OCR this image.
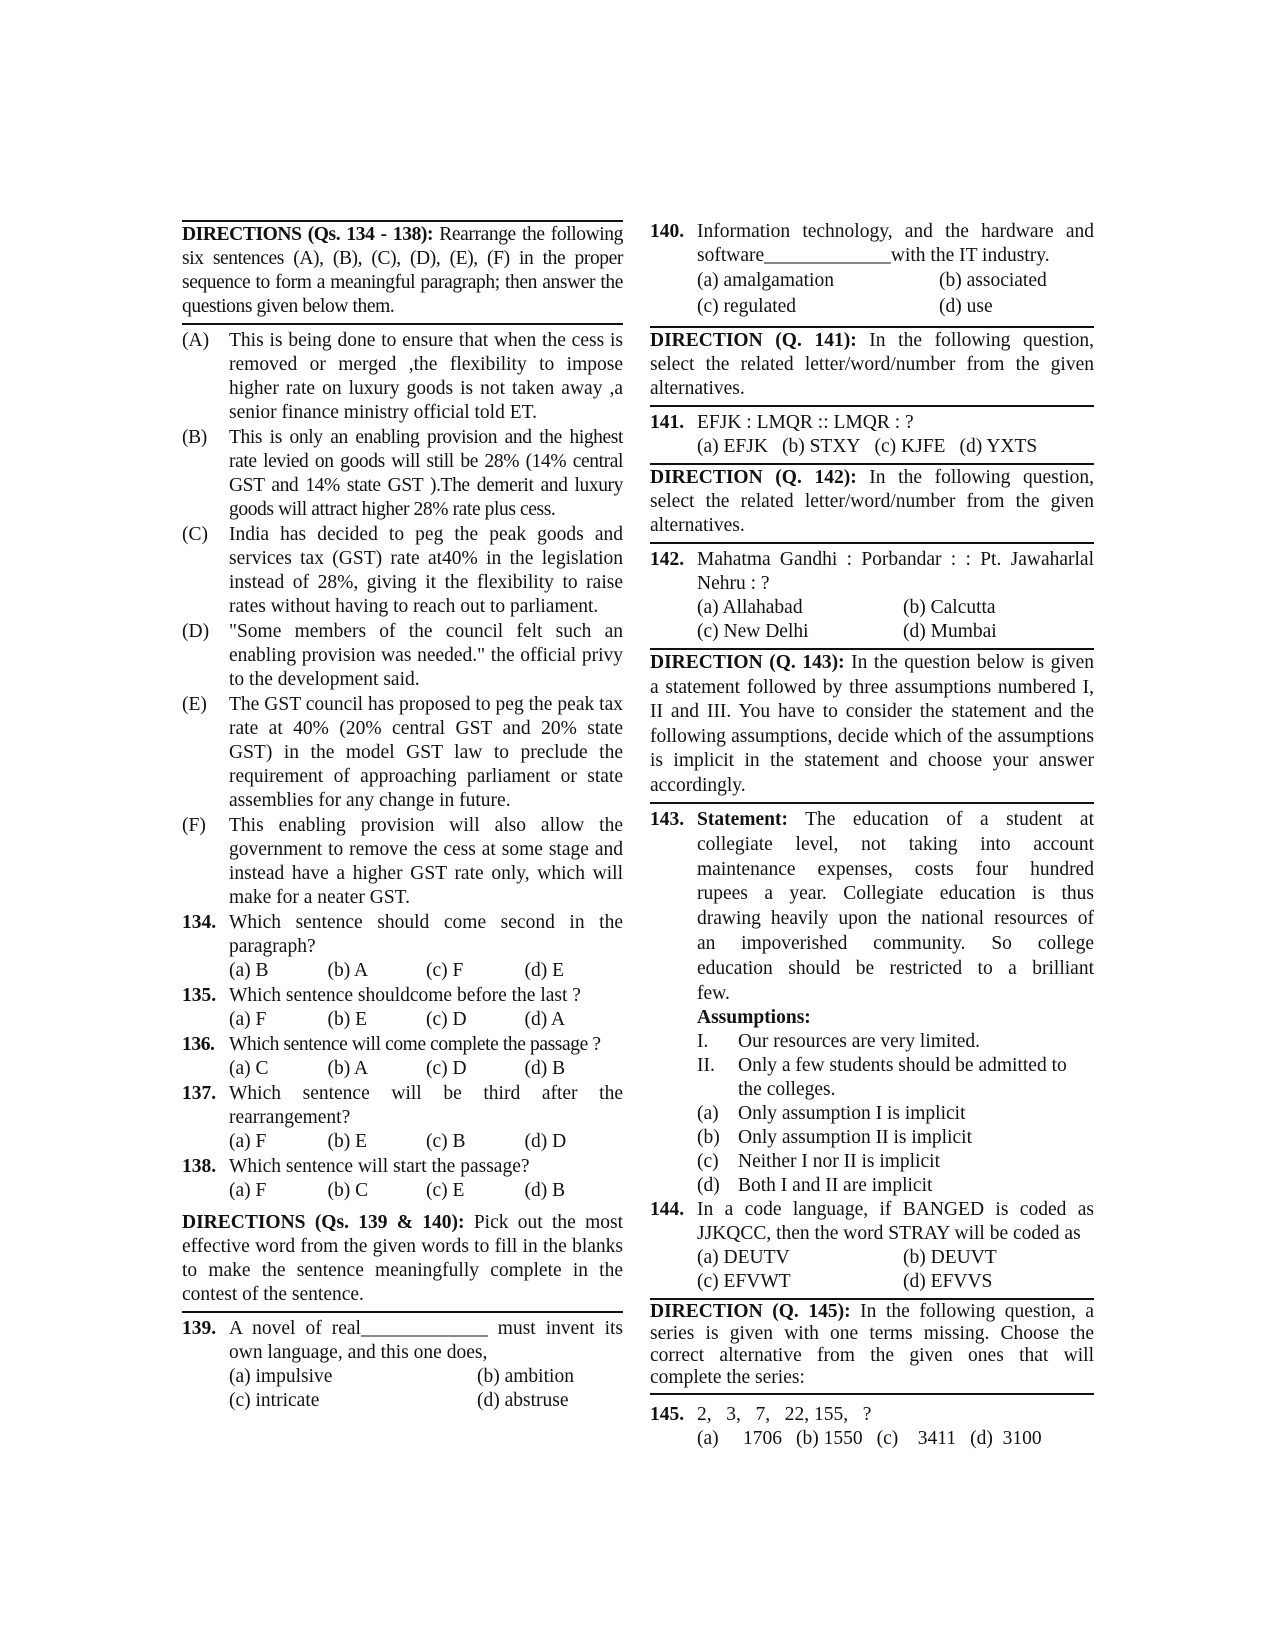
DIRECTIONS (Qs. 134 - 138): Rearrange the following six sentences (A), (B), (C), (D), (E), (F) in the proper sequence to form a meaningful paragraph; then answer the questions given below them.
(A)	This is being done to ensure that when the cess is removed or merged ,the flexibility to impose higher rate on luxury goods is not taken away ,a senior finance ministry official told ET.
(B)	This is only an enabling provision and the highest rate levied on goods will still be 28% (14% central GST and 14% state GST ).The demerit and luxury goods will attract higher 28% rate plus cess.
(C)	India has decided to peg the peak goods and services tax (GST) rate at40% in the legislation instead of 28%, giving it the flexibility to raise rates without having to reach out to parliament.
(D)	"Some members of the council felt such an enabling provision was needed." the official privy to the development said.
(E)	The GST council has proposed to peg the peak tax rate at 40% (20% central GST and 20% state GST) in the model GST law to preclude the requirement of approaching parliament or state assemblies for any change in future.
(F)	This enabling provision will also allow the government to remove the cess at some stage and instead have a higher GST rate only, which will make for a neater GST.
134. Which sentence should come second in the paragraph?
(a) B	(b) A	(c) F	(d) E
135. Which sentence shouldcome before the last ?
(a) F	(b) E	(c) D	(d) A
136. Which sentence will come complete the passage ?
(a) C	(b) A	(c) D	(d) B
137. Which sentence will be third after the rearrangement?
(a) F	(b) E	(c) B	(d) D
138. Which sentence will start the passage?
(a) F	(b) C	(c) E	(d) B
DIRECTIONS (Qs. 139 & 140): Pick out the most effective word from the given words to fill in the blanks to make the sentence meaningfully complete in the contest of the sentence.
139. A novel of real_____________ must invent its own language, and this one does,
(a) impulsive	(b) ambition
(c) intricate	(d) abstruse
140. Information technology, and the hardware and software_____________with the IT industry.
(a) amalgamation	(b) associated
(c) regulated	(d) use
DIRECTION (Q. 141): In the following question, select the related letter/word/number from the given alternatives.
141. EFJK : LMQR :: LMQR : ?
(a) EFJK (b) STXY (c) KJFE (d) YXTS
DIRECTION (Q. 142): In the following question, select the related letter/word/number from the given alternatives.
142. Mahatma Gandhi : Porbandar : : Pt. Jawaharlal Nehru : ?
(a) Allahabad	(b) Calcutta
(c) New Delhi	(d) Mumbai
DIRECTION (Q. 143): In the question below is given a statement followed by three assumptions numbered I, II and III. You have to consider the statement and the following assumptions, decide which of the assumptions is implicit in the statement and choose your answer accordingly.
143. Statement: The education of a student at collegiate level, not taking into account maintenance expenses, costs four hundred rupees a year. Collegiate education is thus drawing heavily upon the national resources of an impoverished community. So college education should be restricted to a brilliant few.
Assumptions:
I.	Our resources are very limited.
II.	Only a few students should be admitted to the colleges.
(a) Only assumption I is implicit
(b) Only assumption II is implicit
(c) Neither I nor II is implicit
(d) Both I and II are implicit
144. In a code language, if BANGED is coded as JJKQCC, then the word STRAY will be coded as
(a) DEUTV	(b) DEUVT
(c) EFVWT	(d) EFVVS
DIRECTION (Q. 145): In the following question, a series is given with one terms missing. Choose the correct alternative from the given ones that will complete the series:
145. 2,   3,   7,   22, 155,   ?
(a)     1706 (b) 1550 (c)    3411 (d)  3100
